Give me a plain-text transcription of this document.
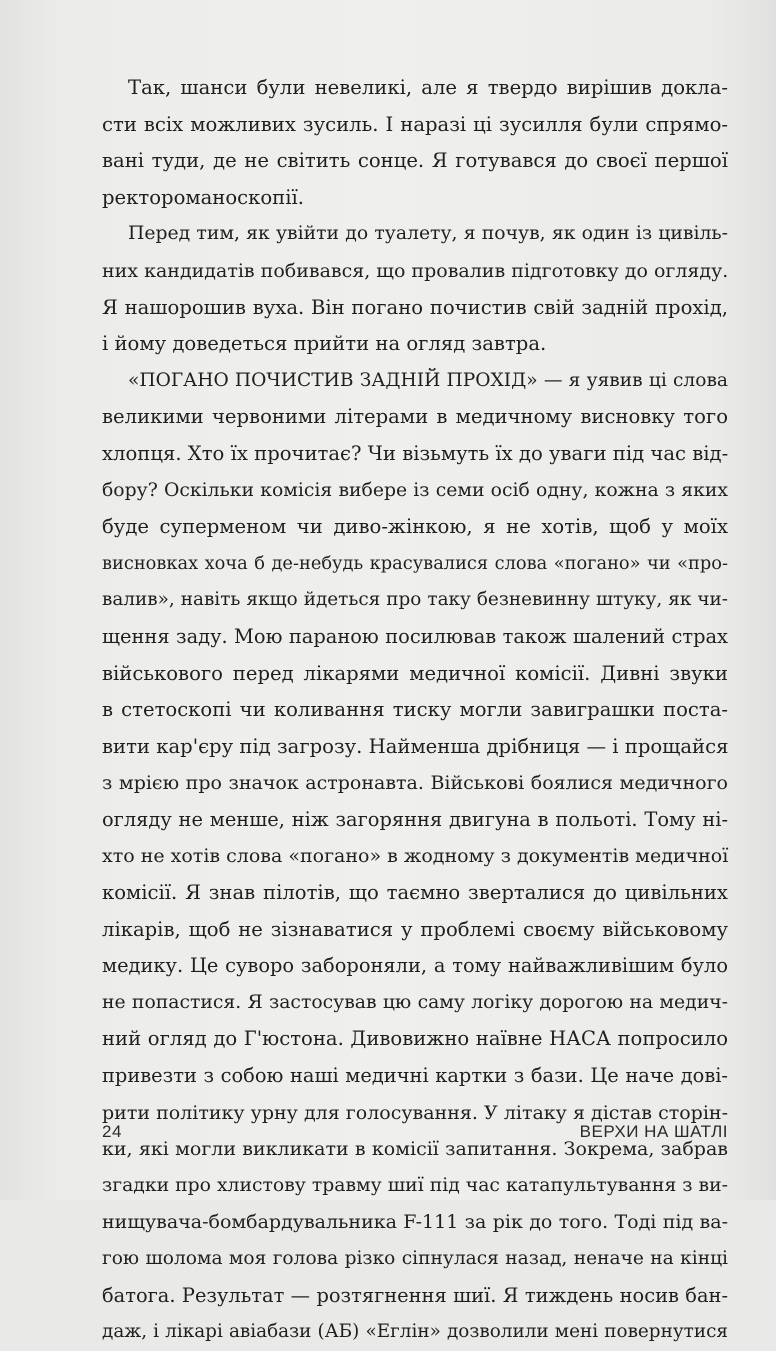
Так, шанси були невеликі, але я твердо вирішив докла-
сти всіх можливих зусиль. І наразі ці зусилля були спрямо-
вані туди, де не світить сонце. Я готувався до своєї першої
ректороманоскопії.
Перед тим, як увійти до туалету, я почув, як один із цивіль-
них кандидатів побивався, що провалив підготовку до огляду.
Я нашорошив вуха. Він погано почистив свій задній прохід,
і йому доведеться прийти на огляд завтра.
«ПОГАНО ПОЧИСТИВ ЗАДНІЙ ПРОХІД» — я уявив ці слова
великими червоними літерами в медичному висновку того
хлопця. Хто їх прочитає? Чи візьмуть їх до уваги під час від-
бору? Оскільки комісія вибере із семи осіб одну, кожна з яких
буде суперменом чи диво-жінкою, я не хотів, щоб у моїх
висновках хоча б де-небудь красувалися слова «погано» чи «про-
валив», навіть якщо йдеться про таку безневинну штуку, як чи-
щення заду. Мою параною посилював також шалений страх
військового перед лікарями медичної комісії. Дивні звуки
в стетоскопі чи коливання тиску могли завиграшки поста-
вити кар'єру під загрозу. Найменша дрібниця — і прощайся
з мрією про значок астронавта. Військові боялися медичного
огляду не менше, ніж загоряння двигуна в польоті. Тому ні-
хто не хотів слова «погано» в жодному з документів медичної
комісії. Я знав пілотів, що таємно зверталися до цивільних
лікарів, щоб не зізнаватися у проблемі своєму військовому
медику. Це суворо забороняли, а тому найважливішим було
не попастися. Я застосував цю саму логіку дорогою на медич-
ний огляд до Г'юстона. Дивовижно наївне НАСА попросило
привезти з собою наші медичні картки з бази. Це наче дові-
рити політику урну для голосування. У літаку я дістав сторін-
ки, які могли викликати в комісії запитання. Зокрема, забрав
згадки про хлистову травму шиї під час катапультування з ви-
нищувача-бомбардувальника F-111 за рік до того. Тоді під ва-
гою шолома моя голова різко сіпнулася назад, неначе на кінці
батога. Результат — розтягнення шиї. Я тиждень носив бан-
даж, і лікарі авіабази (АБ) «Еглін» дозволили мені повернутися
24	ВЕРХИ НА ШАТЛІ
